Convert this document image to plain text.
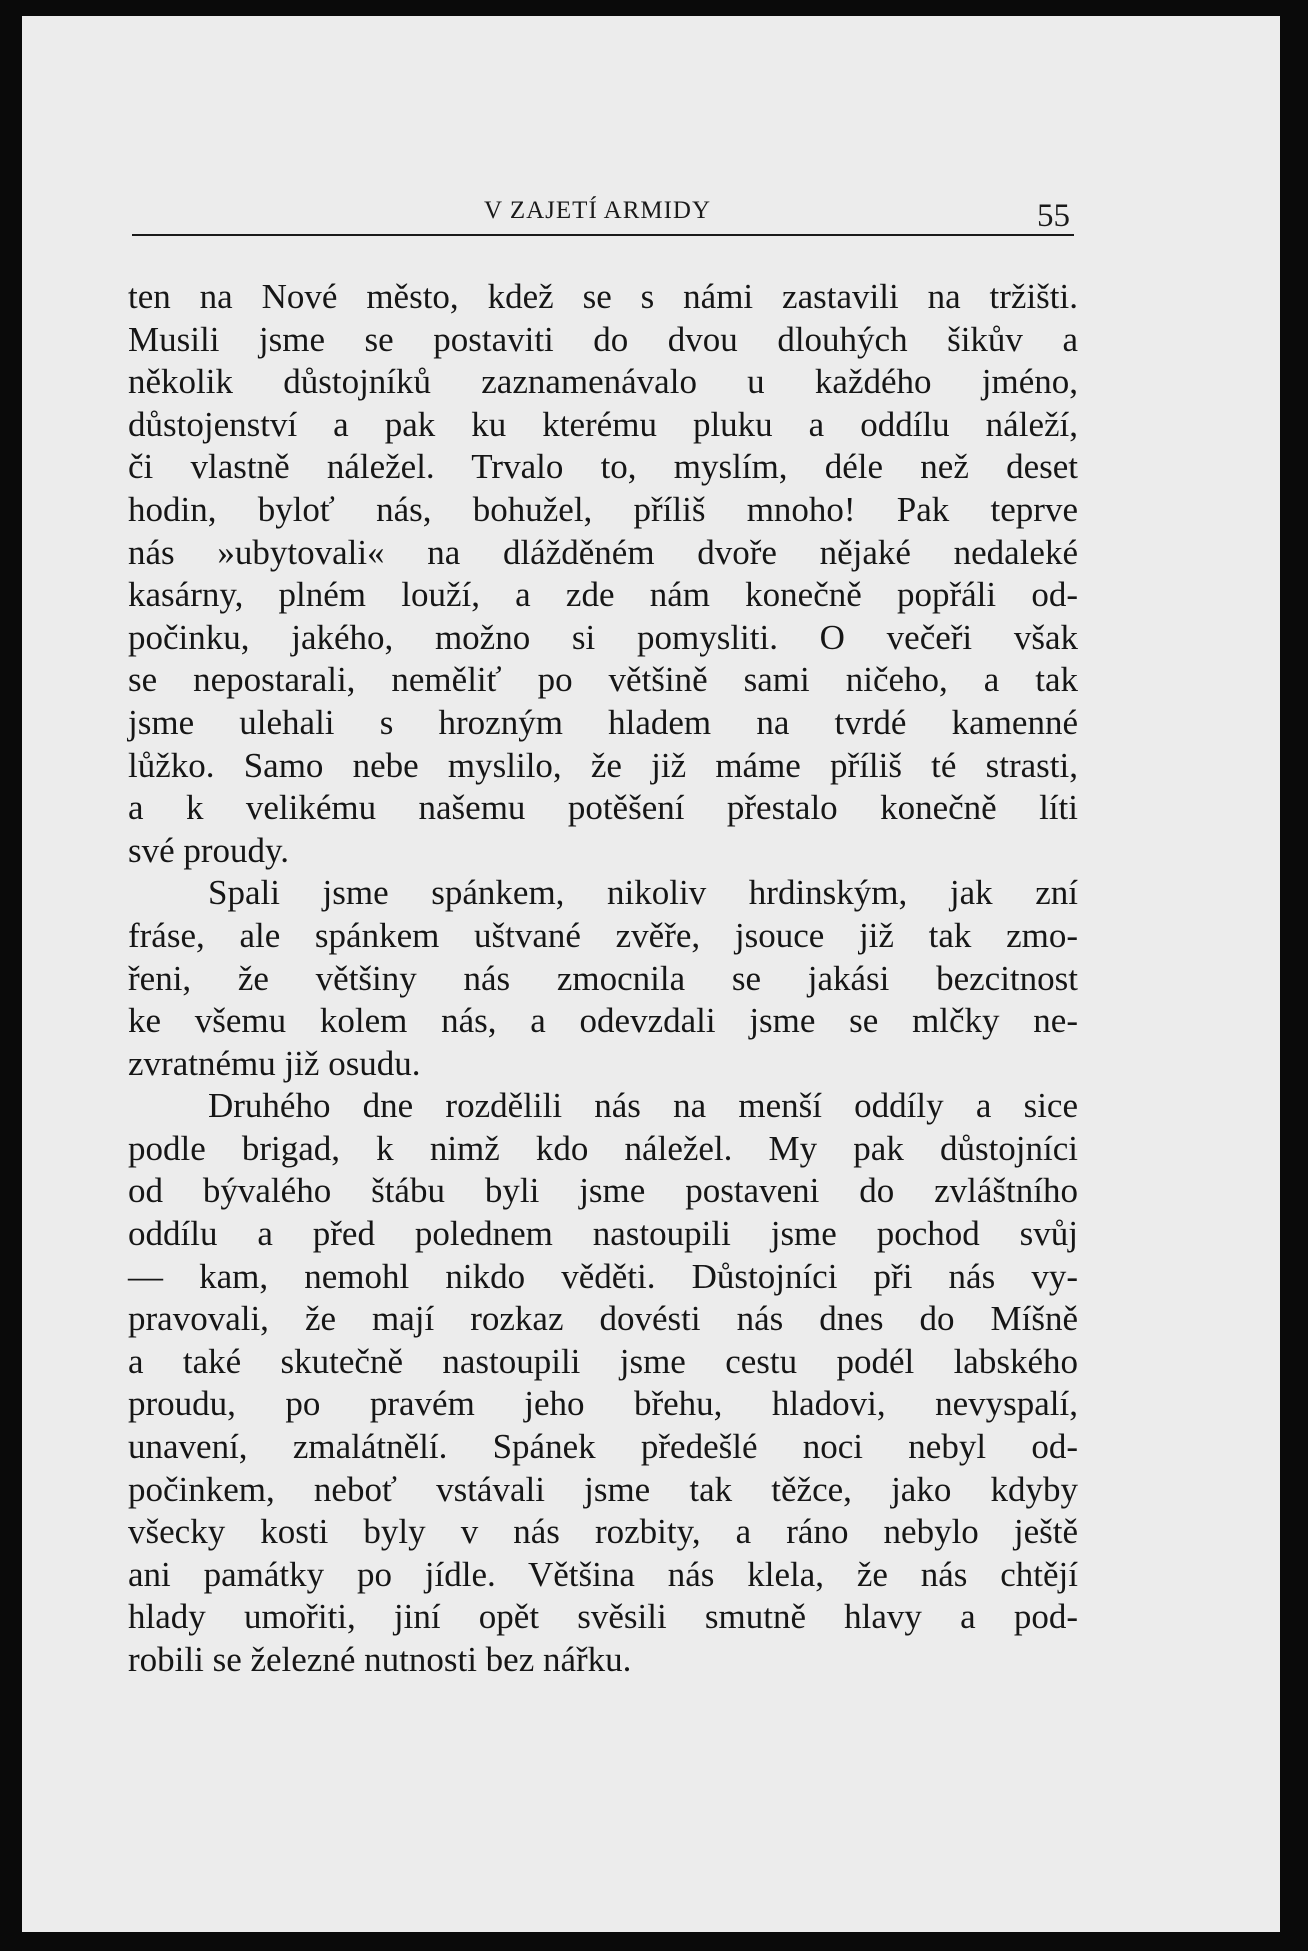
V ZAJETÍ ARMIDY	55
ten na Nové město, kdež se s námi zastavili na tržišti.
Musili jsme se postaviti do dvou dlouhých šikův a
několik důstojníků zaznamenávalo u každého jméno,
důstojenství a pak ku kterému pluku a oddílu náleží,
či vlastně náležel. Trvalo to, myslím, déle než deset
hodin, byloť nás, bohužel, příliš mnoho! Pak teprve
nás »ubytovali« na dlážděném dvoře nějaké nedaleké
kasárny, plném louží, a zde nám konečně popřáli od-
počinku, jakého, možno si pomysliti. O večeři však
se nepostarali, neměliť po většině sami ničeho, a tak
jsme ulehali s hrozným hladem na tvrdé kamenné
lůžko. Samo nebe myslilo, že již máme příliš té strasti,
a k velikému našemu potěšení přestalo konečně líti
své proudy.
Spali jsme spánkem, nikoliv hrdinským, jak zní
fráse, ale spánkem uštvané zvěře, jsouce již tak zmo-
řeni, že většiny nás zmocnila se jakási bezcitnost
ke všemu kolem nás, a odevzdali jsme se mlčky ne-
zvratnému již osudu.
Druhého dne rozdělili nás na menší oddíly a sice
podle brigad, k nimž kdo náležel. My pak důstojníci
od bývalého štábu byli jsme postaveni do zvláštního
oddílu a před polednem nastoupili jsme pochod svůj
— kam, nemohl nikdo věděti. Důstojníci při nás vy-
pravovali, že mají rozkaz dovésti nás dnes do Míšně
a také skutečně nastoupili jsme cestu podél labského
proudu, po pravém jeho břehu, hladovi, nevyspalí,
unavení, zmalátnělí. Spánek předešlé noci nebyl od-
počinkem, neboť vstávali jsme tak těžce, jako kdyby
všecky kosti byly v nás rozbity, a ráno nebylo ještě
ani památky po jídle. Většina nás klela, že nás chtějí
hlady umořiti, jiní opět svěsili smutně hlavy a pod-
robili se železné nutnosti bez nářku.
